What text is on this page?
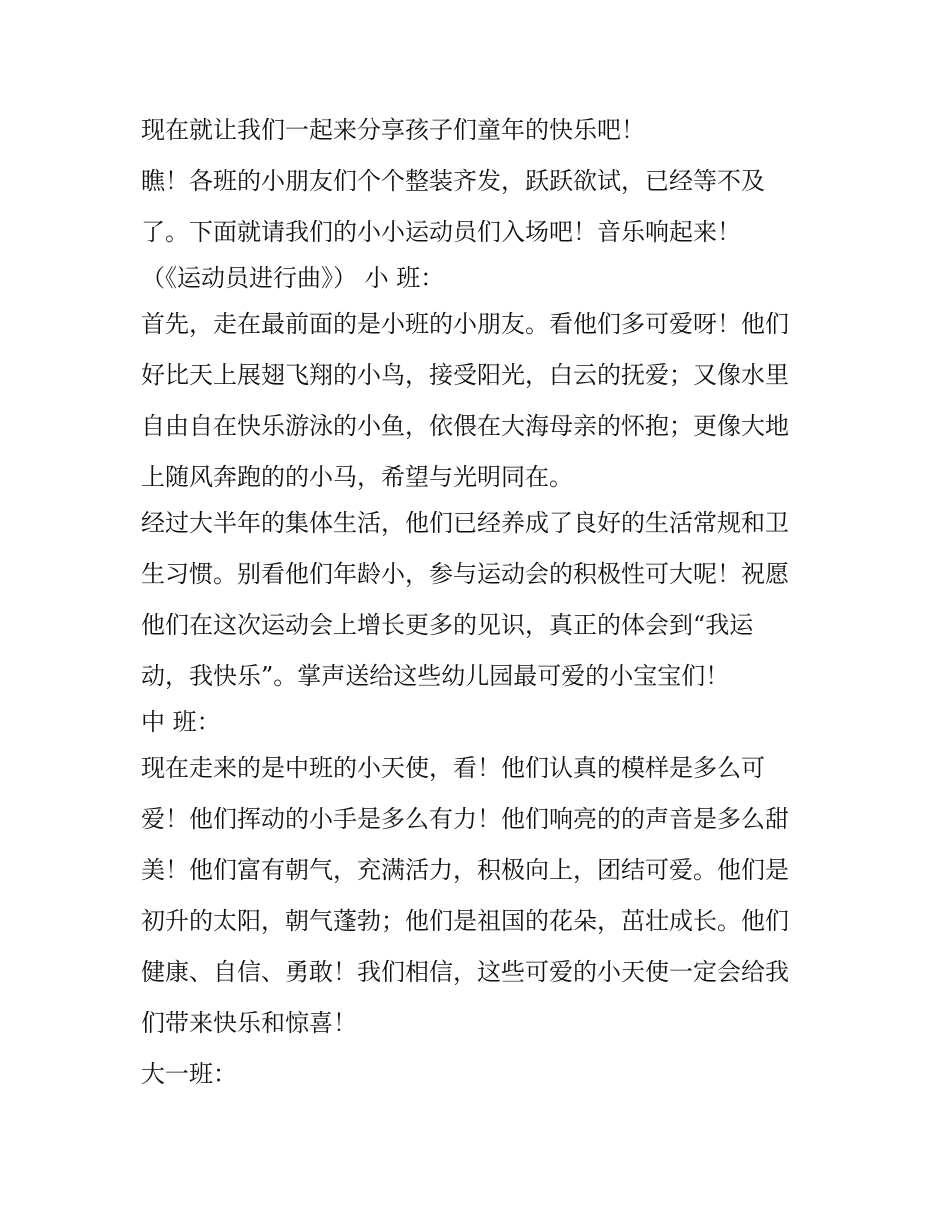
现在就让我们一起来分享孩子们童年的快乐吧！
瞧！各班的小朋友们个个整装齐发，跃跃欲试，已经等不及
了。下面就请我们的小小运动员们入场吧！音乐响起来！
（《运动员进行曲》） 小 班：
首先，走在最前面的是小班的小朋友。看他们多可爱呀！他们
好比天上展翅飞翔的小鸟，接受阳光，白云的抚爱；又像水里
自由自在快乐游泳的小鱼，依偎在大海母亲的怀抱；更像大地
上随风奔跑的的小马，希望与光明同在。
经过大半年的集体生活，他们已经养成了良好的生活常规和卫
生习惯。别看他们年龄小，参与运动会的积极性可大呢！祝愿
他们在这次运动会上增长更多的见识，真正的体会到“我运
动，我快乐”。掌声送给这些幼儿园最可爱的小宝宝们！
中 班：
现在走来的是中班的小天使，看！他们认真的模样是多么可
爱！他们挥动的小手是多么有力！他们响亮的的声音是多么甜
美！他们富有朝气，充满活力，积极向上，团结可爱。他们是
初升的太阳，朝气蓬勃；他们是祖国的花朵，茁壮成长。他们
健康、自信、勇敢！我们相信，这些可爱的小天使一定会给我
们带来快乐和惊喜！
大一班：
